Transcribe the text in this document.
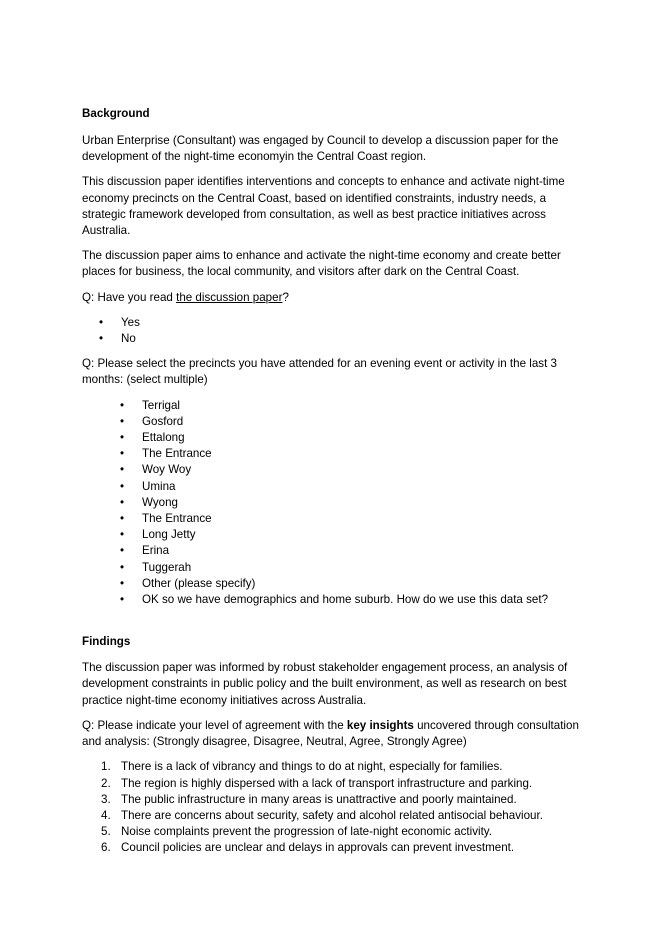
Background

Urban Enterprise (Consultant) was engaged by Council to develop a discussion paper for the development of the night-time economyin the Central Coast region.

This discussion paper identifies interventions and concepts to enhance and activate night-time economy precincts on the Central Coast, based on identified constraints, industry needs, a strategic framework developed from consultation, as well as best practice initiatives across Australia.

The discussion paper aims to enhance and activate the night-time economy and create better places for business, the local community, and visitors after dark on the Central Coast.

Q: Have you read the discussion paper?

• Yes
• No

Q: Please select the precincts you have attended for an evening event or activity in the last 3 months: (select multiple)

• Terrigal
• Gosford
• Ettalong
• The Entrance
• Woy Woy
• Umina
• Wyong
• The Entrance
• Long Jetty
• Erina
• Tuggerah
• Other (please specify)
• OK so we have demographics and home suburb. How do we use this data set?
Findings

The discussion paper was informed by robust stakeholder engagement process, an analysis of development constraints in public policy and the built environment, as well as research on best practice night-time economy initiatives across Australia.

Q: Please indicate your level of agreement with the key insights uncovered through consultation and analysis: (Strongly disagree, Disagree, Neutral, Agree, Strongly Agree)

1. There is a lack of vibrancy and things to do at night, especially for families.
2. The region is highly dispersed with a lack of transport infrastructure and parking.
3. The public infrastructure in many areas is unattractive and poorly maintained.
4. There are concerns about security, safety and alcohol related antisocial behaviour.
5. Noise complaints prevent the progression of late-night economic activity.
6. Council policies are unclear and delays in approvals can prevent investment.
